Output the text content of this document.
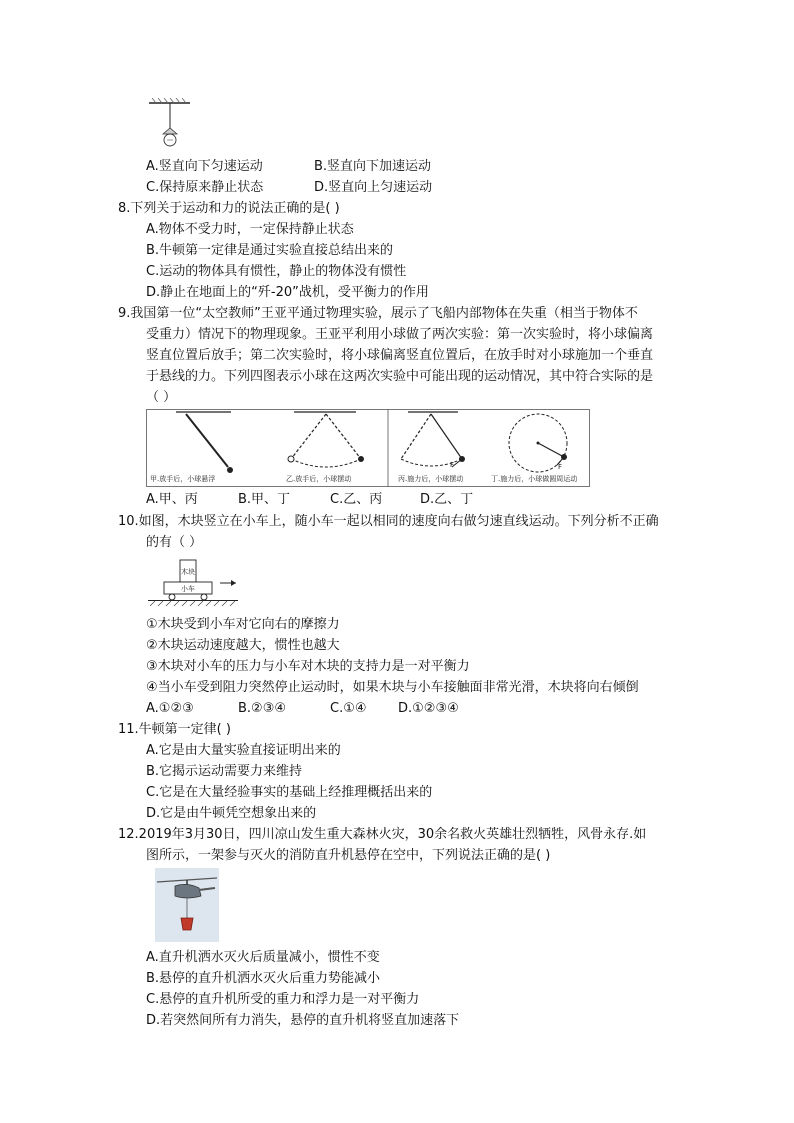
A.竖直向下匀速运动	B.竖直向下加速运动
C.保持原来静止状态	D.竖直向上匀速运动
8.下列关于运动和力的说法正确的是( )
A.物体不受力时，一定保持静止状态
B.牛顿第一定律是通过实验直接总结出来的
C.运动的物体具有惯性，静止的物体没有惯性
D.静止在地面上的“歼-20”战机，受平衡力的作用
9.我国第一位“太空教师”王亚平通过物理实验，展示了飞船内部物体在失重（相当于物体不
受重力）情况下的物理现象。王亚平利用小球做了两次实验：第一次实验时，将小球偏离
竖直位置后放手；第二次实验时，将小球偏离竖直位置后，在放手时对小球施加一个垂直
于悬线的力。下列四图表示小球在这两次实验中可能出现的运动情况，其中符合实际的是
（ ）
甲.放手后，小球悬浮	乙.放手后，小球摆动
F
丙.施力后，小球摆动
F
丁.施力后，小球做圆周运动
A.甲、丙	B.甲、丁	C.乙、丙	D.乙、丁
10.如图，木块竖立在小车上，随小车一起以相同的速度向右做匀速直线运动。下列分析不正确
的有（ ）
木块
小车
①木块受到小车对它向右的摩擦力
②木块运动速度越大，惯性也越大
③木块对小车的压力与小车对木块的支持力是一对平衡力
④当小车受到阻力突然停止运动时，如果木块与小车接触面非常光滑，木块将向右倾倒
A.①②③	B.②③④	C.①④ D.①②③④
11.牛顿第一定律( )
A.它是由大量实验直接证明出来的
B.它揭示运动需要力来维持
C.它是在大量经验事实的基础上经推理概括出来的
D.它是由牛顿凭空想象出来的
12.2019年3月30日，四川凉山发生重大森林火灾，30余名救火英雄壮烈牺牲，风骨永存.如
图所示，一架参与灭火的消防直升机悬停在空中，下列说法正确的是( )
A.直升机洒水灭火后质量减小，惯性不变
B.悬停的直升机洒水灭火后重力势能减小
C.悬停的直升机所受的重力和浮力是一对平衡力
D.若突然间所有力消失，悬停的直升机将竖直加速落下
